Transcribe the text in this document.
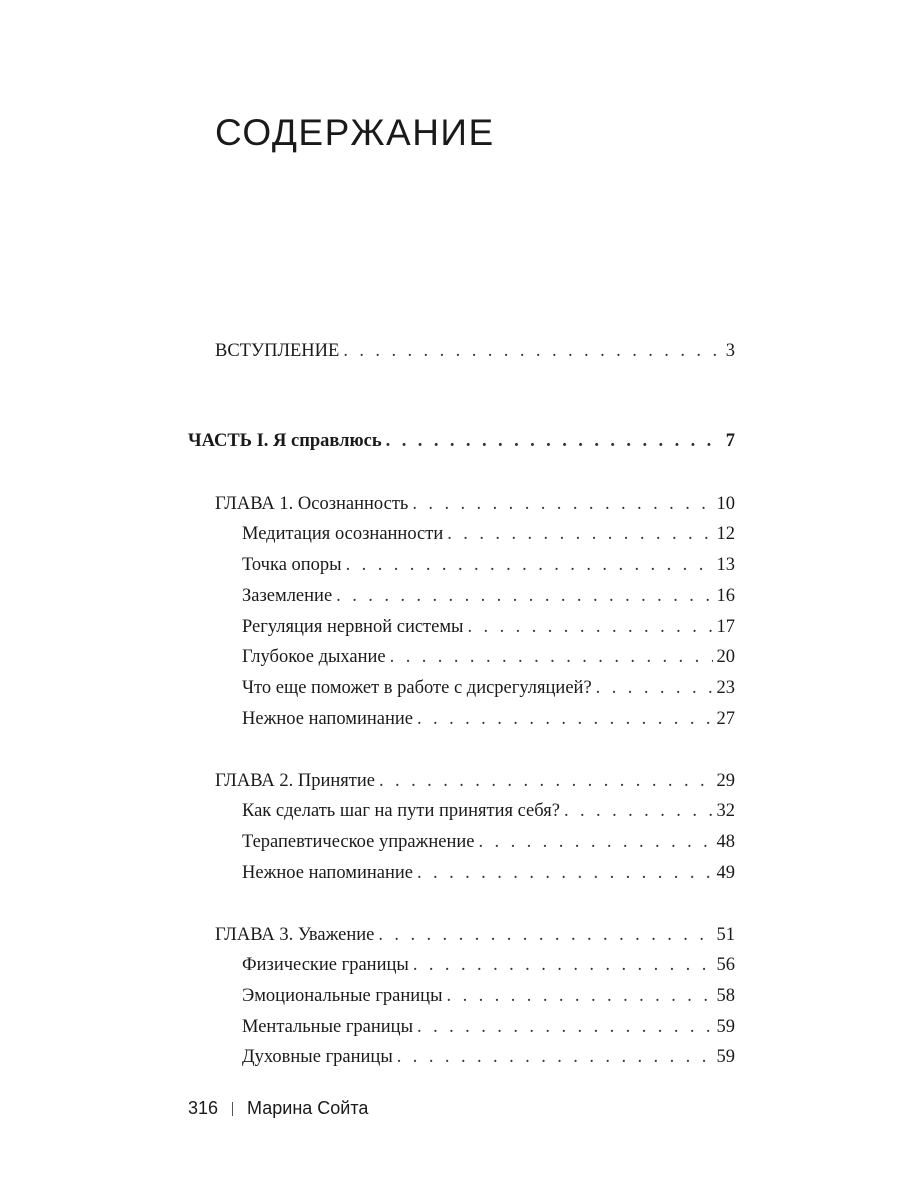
СОДЕРЖАНИЕ
ВСТУПЛЕНИЕ . . .	3
ЧАСТЬ I. Я справлюсь . . .	7
ГЛАВА 1. Осознанность . . .	10
Медитация осознанности . . .	12
Точка опоры . . .	13
Заземление . . .	16
Регуляция нервной системы . . .	17
Глубокое дыхание . . .	20
Что еще поможет в работе с дисрегуляцией? . . .	23
Нежное напоминание . . .	27
ГЛАВА 2. Принятие . . .	29
Как сделать шаг на пути принятия себя? . . .	32
Терапевтическое упражнение . . .	48
Нежное напоминание . . .	49
ГЛАВА 3. Уважение . . .	51
Физические границы . . .	56
Эмоциональные границы . . .	58
Ментальные границы . . .	59
Духовные границы . . .	59
316 Марина Сойта
